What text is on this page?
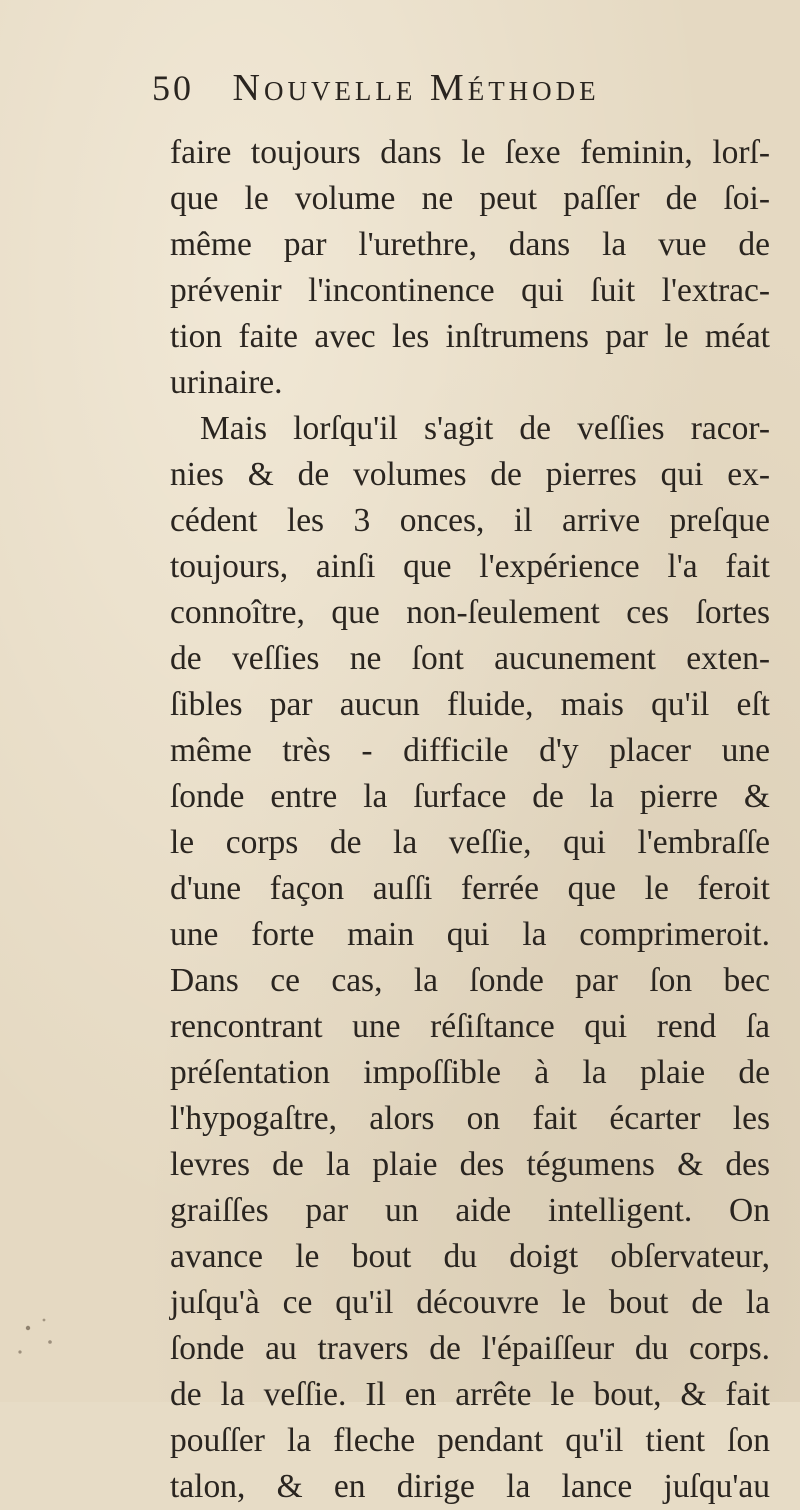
50 Nouvelle Méthode
faire toujours dans le ſexe feminin, lorſ-
que le volume ne peut paſſer de ſoi-
même par l'urethre, dans la vue de
prévenir l'incontinence qui ſuit l'extrac-
tion faite avec les inſtrumens par le méat
urinaire.
Mais lorſqu'il s'agit de veſſies racor-
nies & de volumes de pierres qui ex-
cédent les 3 onces, il arrive preſque
toujours, ainſi que l'expérience l'a fait
connoître, que non-ſeulement ces ſortes
de veſſies ne ſont aucunement exten-
ſibles par aucun fluide, mais qu'il eſt
même très - difficile d'y placer une
ſonde entre la ſurface de la pierre &
le corps de la veſſie, qui l'embraſſe
d'une façon auſſi ferrée que le feroit
une forte main qui la comprimeroit.
Dans ce cas, la ſonde par ſon bec
rencontrant une réſiſtance qui rend ſa
préſentation impoſſible à la plaie de
l'hypogaſtre, alors on fait écarter les
levres de la plaie des tégumens & des
graiſſes par un aide intelligent. On
avance le bout du doigt obſervateur,
juſqu'à ce qu'il découvre le bout de la
ſonde au travers de l'épaiſſeur du corps.
de la veſſie. Il en arrête le bout, & fait
pouſſer la fleche pendant qu'il tient ſon
talon, & en dirige la lance juſqu'au
